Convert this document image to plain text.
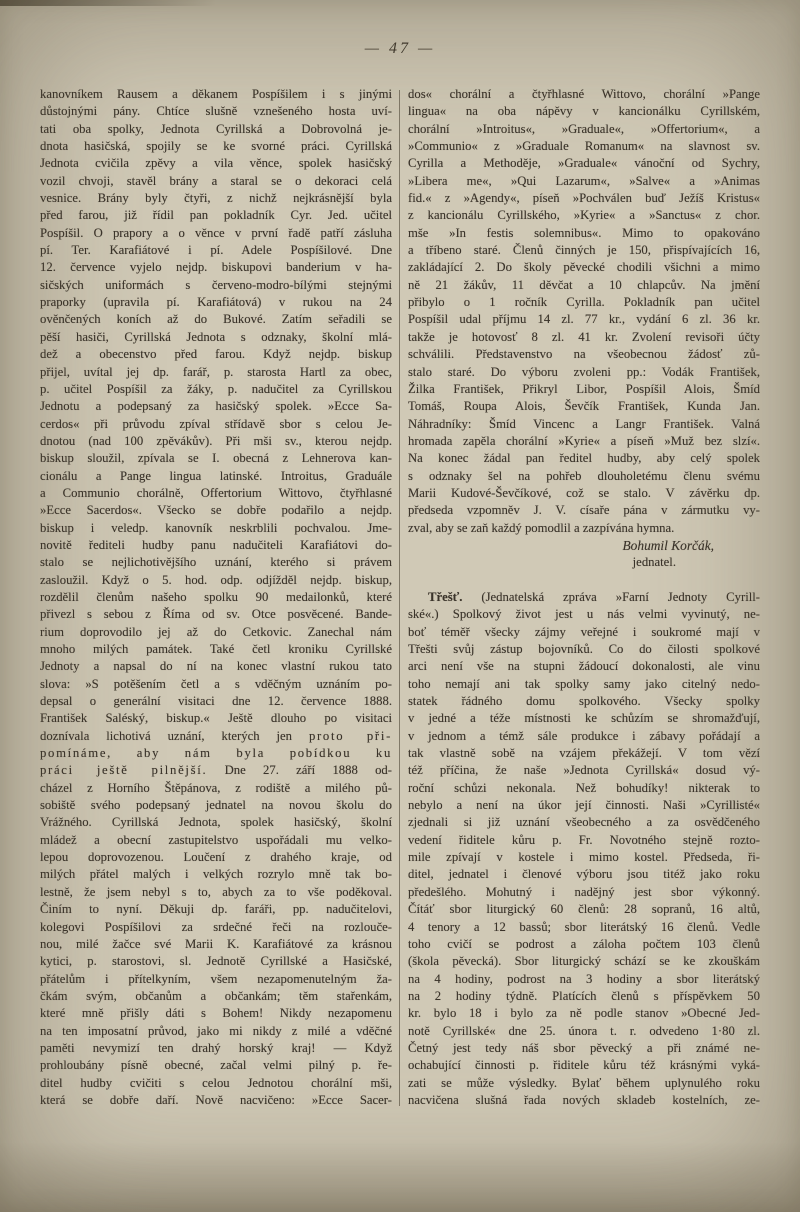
— 47 —
kanovníkem Rausem a děkanem Pospíšilem i s jinými
důstojnými pány. Chtíce slušně vznešeného hosta uví-
tati oba spolky, Jednota Cyrillská a Dobrovolná je-
dnota hasičská, spojily se ke svorné práci. Cyrillská
Jednota cvičila zpěvy a vila věnce, spolek hasičský
vozil chvoji, stavěl brány a staral se o dekoraci celá
vesnice. Brány byly čtyři, z nichž nejkrásnější byla
před farou, již řídil pan pokladník Cyr. Jed. učitel
Pospíšil. O prapory a o věnce v první řadě patří zásluha
pí. Ter. Karafiátové i pí. Adele Pospíšilové. Dne
12. července vyjelo nejdp. biskupovi banderium v ha-
sičských uniformách s červeno-modro-bílými stejnými
praporky (upravila pí. Karafiátová) v rukou na 24
ověnčených koních až do Bukové. Zatím seřadili se
pěší hasiči, Cyrillská Jednota s odznaky, školní mlá-
dež a obecenstvo před farou. Když nejdp. biskup
přijel, uvítal jej dp. farář, p. starosta Hartl za obec,
p. učitel Pospíšil za žáky, p. nadučitel za Cyrillskou
Jednotu a podepsaný za hasičský spolek. »Ecce Sa-
cerdos« při průvodu zpíval střídavě sbor s celou Je-
dnotou (nad 100 zpěvákův). Při mši sv., kterou nejdp.
biskup sloužil, zpívala se I. obecná z Lehnerova kan-
cionálu a Pange lingua latinské. Introitus, Graduále
a Communio chorálně, Offertorium Wittovo, čtyřhlasné
»Ecce Sacerdos«. Všecko se dobře podařilo a nejdp.
biskup i veledp. kanovník neskrblili pochvalou. Jme-
novitě řediteli hudby panu nadučiteli Karafiátovi do-
stalo se nejlichotivějšího uznání, kterého si právem
zasloužil. Když o 5. hod. odp. odjížděl nejdp. biskup,
rozdělil členům našeho spolku 90 medailonků, které
přivezl s sebou z Říma od sv. Otce posvěcené. Bande-
rium doprovodilo jej až do Cetkovic. Zanechal nám
mnoho milých památek. Také četl kroniku Cyrillské
Jednoty a napsal do ní na konec vlastní rukou tato
slova: »S potěšením četl a s vděčným uznáním po-
depsal o generální visitaci dne 12. července 1888.
František Saléský, biskup.« Ještě dlouho po visitaci
doznívala lichotivá uznání, kterých jen proto při-
pomínáme, aby nám byla pobídkou ku
práci ještě pilnější. Dne 27. září 1888 od-
cházel z Horního Štěpánova, z rodiště a milého pů-
sobiště svého podepsaný jednatel na novou školu do
Vrážného. Cyrillská Jednota, spolek hasičský, školní
mládež a obecní zastupitelstvo uspořádali mu velko-
lepou doprovozenou. Loučení z drahého kraje, od
milých přátel malých i velkých rozrylo mně tak bo-
lestně, že jsem nebyl s to, abych za to vše poděkoval.
Činím to nyní. Děkuji dp. faráři, pp. nadučitelovi,
kolegovi Pospíšilovi za srdečné řeči na rozlouče-
nou, milé žačce své Marii K. Karafiátové za krásnou
kytici, p. starostovi, sl. Jednotě Cyrillské a Hasičské,
přátelům i přítelkyním, všem nezapomenutelným ža-
čkám svým, občanům a občankám; těm stařenkám,
které mně přišly dáti s Bohem! Nikdy nezapomenu
na ten imposatní průvod, jako mi nikdy z milé a vděčné
paměti nevymizí ten drahý horský kraj! — Když
prohloubány písně obecné, začal velmi pilný p. ře-
ditel hudby cvičiti s celou Jednotou chorální mši,
která se dobře daří. Nově nacvičeno: »Ecce Sacer-
dos« chorální a čtyřhlasné Wittovo, chorální »Pange
lingua« na oba nápěvy v kancionálku Cyrillském,
chorální »Introitus«, »Graduale«, »Offertorium«, a
»Communio« z »Graduale Romanum« na slavnost sv.
Cyrilla a Methoděje, »Graduale« vánoční od Sychry,
»Libera me«, »Qui Lazarum«, »Salve« a »Animas
fid.« z »Agendy«, píseň »Pochválen buď Ježíš Kristus«
z kancionálu Cyrillského, »Kyrie« a »Sanctus« z chor.
mše »In festis solemnibus«. Mimo to opakováno
a tříbeno staré. Členů činných je 150, přispívajících 16,
zakládající 2. Do školy pěvecké chodili všichni a mimo
ně 21 žákův, 11 děvčat a 10 chlapcův. Na jmění
přibylo o 1 ročník Cyrilla. Pokladník pan učitel
Pospíšil udal příjmu 14 zl. 77 kr., vydání 6 zl. 36 kr.
takže je hotovosť 8 zl. 41 kr. Zvolení revisoři účty
schválili. Představenstvo na všeobecnou žádosť zů-
stalo staré. Do výboru zvoleni pp.: Vodák František,
Žilka František, Přikryl Libor, Pospíšil Alois, Šmíd
Tomáš, Roupa Alois, Ševčík František, Kunda Jan.
Náhradníky: Šmíd Vincenc a Langr František. Valná
hromada zapěla chorální »Kyrie« a píseň »Muž bez slzí«.
Na konec žádal pan ředitel hudby, aby celý spolek
s odznaky šel na pohřeb dlouholetému členu svému
Marii Kudové-Ševčíkové, což se stalo. V závěrku dp.
předseda vzpomněv J. V. císaře pána v zármutku vy-
zval, aby se zaň každý pomodlil a zazpívána hymna.
Bohumil Korčák,
jednatel.
Třešť. (Jednatelská zpráva »Farní Jednoty Cyrill-
ské«.) Spolkový život jest u nás velmi vyvinutý, ne-
boť téměř všecky zájmy veřejné i soukromé mají v
Třešti svůj zástup bojovníků. Co do čilosti spolkové
arci není vše na stupni žádoucí dokonalosti, ale vinu
toho nemají ani tak spolky samy jako citelný nedo-
statek řádného domu spolkového. Všecky spolky
v jedné a téže místnosti ke schůzím se shromažďují,
v jednom a témž sále produkce i zábavy pořádají a
tak vlastně sobě na vzájem překážejí. V tom vězí
též příčina, že naše »Jednota Cyrillská« dosud vý-
roční schůzi nekonala. Než bohudíky! nikterak to
nebylo a není na úkor její činnosti. Naši »Cyrillisté«
zjednali si již uznání všeobecného a za osvědčeného
vedení řiditele kůru p. Fr. Novotného stejně rozto-
mile zpívají v kostele i mimo kostel. Předseda, ři-
ditel, jednatel i členové výboru jsou titéž jako roku
předešlého. Mohutný i nadějný jest sbor výkonný.
Čítáť sbor liturgický 60 členů: 28 sopranů, 16 altů,
4 tenory a 12 bassů; sbor literátský 16 členů. Vedle
toho cvičí se podrost a záloha počtem 103 členů
(škola pěvecká). Sbor liturgický schází se ke zkouškám
na 4 hodiny, podrost na 3 hodiny a sbor literátský
na 2 hodiny týdně. Platících členů s příspěvkem 50
kr. bylo 18 i bylo za ně podle stanov »Obecné Jed-
notě Cyrillské« dne 25. února t. r. odvedeno 1·80 zl.
Četný jest tedy náš sbor pěvecký a při známé ne-
ochabující činnosti p. řiditele kůru též krásnými vyká-
zati se může výsledky. Bylať během uplynulého roku
nacvičena slušná řada nových skladeb kostelních, ze-
